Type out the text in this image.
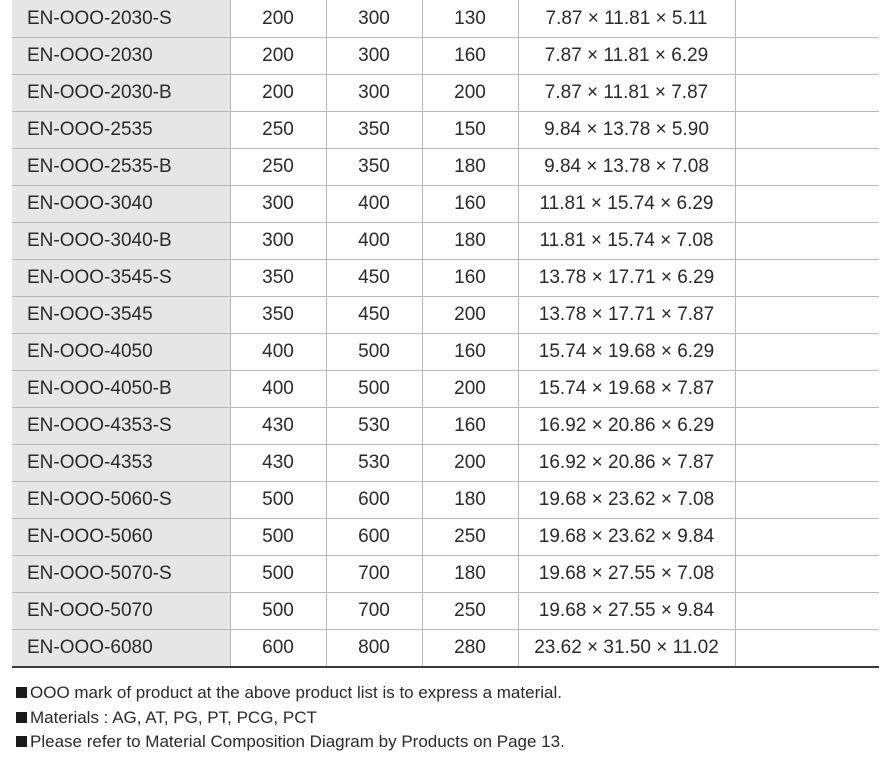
EN-OOO-2030-S	200	300	130	7.87 × 11.81 × 5.11	
EN-OOO-2030	200	300	160	7.87 × 11.81 × 6.29	
EN-OOO-2030-B	200	300	200	7.87 × 11.81 × 7.87	
EN-OOO-2535	250	350	150	9.84 × 13.78 × 5.90	
EN-OOO-2535-B	250	350	180	9.84 × 13.78 × 7.08	
EN-OOO-3040	300	400	160	11.81 × 15.74 × 6.29	
EN-OOO-3040-B	300	400	180	11.81 × 15.74 × 7.08	
EN-OOO-3545-S	350	450	160	13.78 × 17.71 × 6.29	
EN-OOO-3545	350	450	200	13.78 × 17.71 × 7.87	
EN-OOO-4050	400	500	160	15.74 × 19.68 × 6.29	
EN-OOO-4050-B	400	500	200	15.74 × 19.68 × 7.87	
EN-OOO-4353-S	430	530	160	16.92 × 20.86 × 6.29	
EN-OOO-4353	430	530	200	16.92 × 20.86 × 7.87	
EN-OOO-5060-S	500	600	180	19.68 × 23.62 × 7.08	
EN-OOO-5060	500	600	250	19.68 × 23.62 × 9.84	
EN-OOO-5070-S	500	700	180	19.68 × 27.55 × 7.08	
EN-OOO-5070	500	700	250	19.68 × 27.55 × 9.84	
EN-OOO-6080	600	800	280	23.62 × 31.50 × 11.02	
OOO mark of product at the above product list is to express a material.
Materials : AG, AT, PG, PT, PCG, PCT
Please refer to Material Composition Diagram by Products on Page 13.
